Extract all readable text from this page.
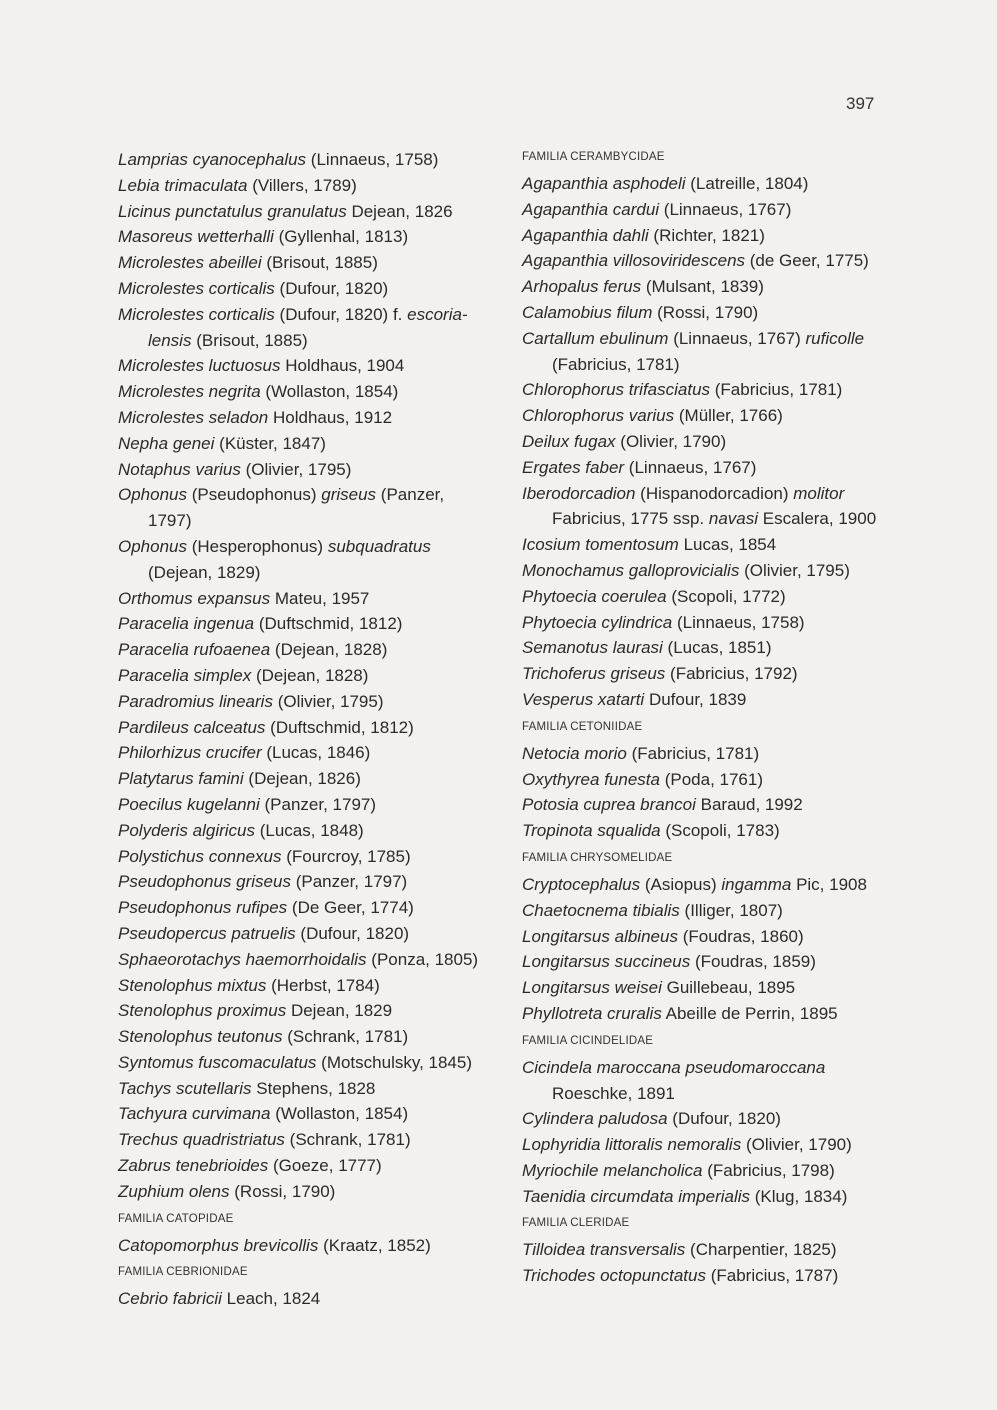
397
Lamprias cyanocephalus (Linnaeus, 1758)
Lebia trimaculata (Villers, 1789)
Licinus punctatulus granulatus Dejean, 1826
Masoreus wetterhalli (Gyllenhal, 1813)
Microlestes abeillei (Brisout, 1885)
Microlestes corticalis (Dufour, 1820)
Microlestes corticalis (Dufour, 1820) f. escoria-lensis (Brisout, 1885)
Microlestes luctuosus Holdhaus, 1904
Microlestes negrita (Wollaston, 1854)
Microlestes seladon Holdhaus, 1912
Nepha genei (Küster, 1847)
Notaphus varius (Olivier, 1795)
Ophonus (Pseudophonus) griseus (Panzer, 1797)
Ophonus (Hesperophonus) subquadratus (Dejean, 1829)
Orthomus expansus Mateu, 1957
Paracelia ingenua (Duftschmid, 1812)
Paracelia rufoaenea (Dejean, 1828)
Paracelia simplex (Dejean, 1828)
Paradromius linearis (Olivier, 1795)
Pardileus calceatus (Duftschmid, 1812)
Philorhizus crucifer (Lucas, 1846)
Platytarus famini (Dejean, 1826)
Poecilus kugelanni (Panzer, 1797)
Polyderis algiricus (Lucas, 1848)
Polystichus connexus (Fourcroy, 1785)
Pseudophonus griseus (Panzer, 1797)
Pseudophonus rufipes (De Geer, 1774)
Pseudopercus patruelis (Dufour, 1820)
Sphaeorotachys haemorrhoidalis (Ponza, 1805)
Stenolophus mixtus (Herbst, 1784)
Stenolophus proximus Dejean, 1829
Stenolophus teutonus (Schrank, 1781)
Syntomus fuscomaculatus (Motschulsky, 1845)
Tachys scutellaris Stephens, 1828
Tachyura curvimana (Wollaston, 1854)
Trechus quadristriatus (Schrank, 1781)
Zabrus tenebrioides (Goeze, 1777)
Zuphium olens (Rossi, 1790)
FAMILIA CATOPIDAE
Catopomorphus brevicollis (Kraatz, 1852)
FAMILIA CEBRIONIDAE
Cebrio fabricii Leach, 1824
FAMILIA CERAMBYCIDAE
Agapanthia asphodeli (Latreille, 1804)
Agapanthia cardui (Linnaeus, 1767)
Agapanthia dahli (Richter, 1821)
Agapanthia villosoviridescens (de Geer, 1775)
Arhopalus ferus (Mulsant, 1839)
Calamobius filum (Rossi, 1790)
Cartallum ebulinum (Linnaeus, 1767) ruficolle (Fabricius, 1781)
Chlorophorus trifasciatus (Fabricius, 1781)
Chlorophorus varius (Müller, 1766)
Deilux fugax (Olivier, 1790)
Ergates faber (Linnaeus, 1767)
Iberodorcadion (Hispanodorcadion) molitor Fabricius, 1775 ssp. navasi Escalera, 1900
Icosium tomentosum Lucas, 1854
Monochamus galloprovicialis (Olivier, 1795)
Phytoecia coerulea (Scopoli, 1772)
Phytoecia cylindrica (Linnaeus, 1758)
Semanotus laurasi (Lucas, 1851)
Trichoferus griseus (Fabricius, 1792)
Vesperus xatarti Dufour, 1839
FAMILIA CETONIIDAE
Netocia morio (Fabricius, 1781)
Oxythyrea funesta (Poda, 1761)
Potosia cuprea brancoi Baraud, 1992
Tropinota squalida (Scopoli, 1783)
FAMILIA CHRYSOMELIDAE
Cryptocephalus (Asiopus) ingamma Pic, 1908
Chaetocnema tibialis (Illiger, 1807)
Longitarsus albineus (Foudras, 1860)
Longitarsus succineus (Foudras, 1859)
Longitarsus weisei Guillebeau, 1895
Phyllotreta cruralis Abeille de Perrin, 1895
FAMILIA CICINDELIDAE
Cicindela maroccana pseudomaroccana Roeschke, 1891
Cylindera paludosa (Dufour, 1820)
Lophyridia littoralis nemoralis (Olivier, 1790)
Myriochile melancholica (Fabricius, 1798)
Taenidia circumdata imperialis (Klug, 1834)
FAMILIA CLERIDAE
Tilloidea transversalis (Charpentier, 1825)
Trichodes octopunctatus (Fabricius, 1787)
